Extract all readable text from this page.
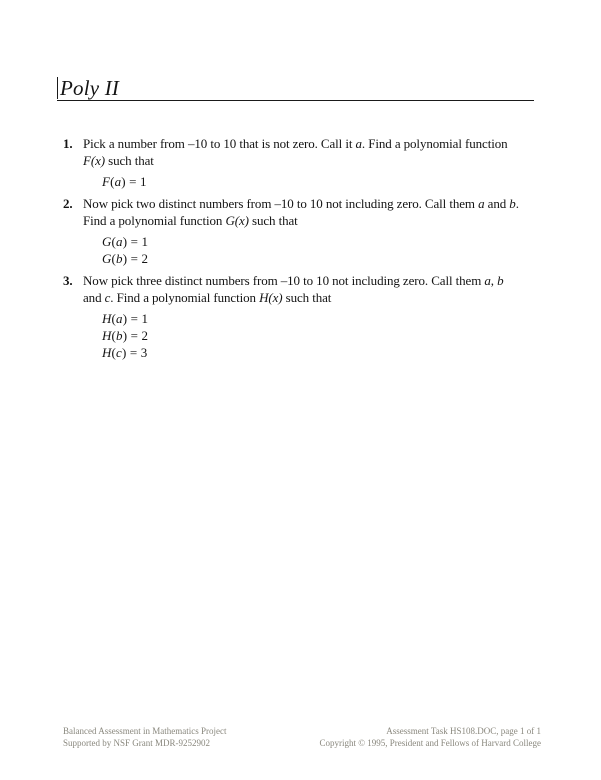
Poly II
1. Pick a number from –10 to 10 that is not zero. Call it a. Find a polynomial function
F(x) such that
F(a) = 1
2. Now pick two distinct numbers from –10 to 10 not including zero. Call them a and b.
Find a polynomial function G(x) such that
G(a) = 1
G(b) = 2
3. Now pick three distinct numbers from –10 to 10 not including zero. Call them a, b
and c. Find a polynomial function H(x) such that
H(a) = 1
H(b) = 2
H(c) = 3
Balanced Assessment in Mathematics Project
Supported by NSF Grant MDR-9252902
Assessment Task HS108.DOC, page 1 of 1
Copyright © 1995, President and Fellows of Harvard College
